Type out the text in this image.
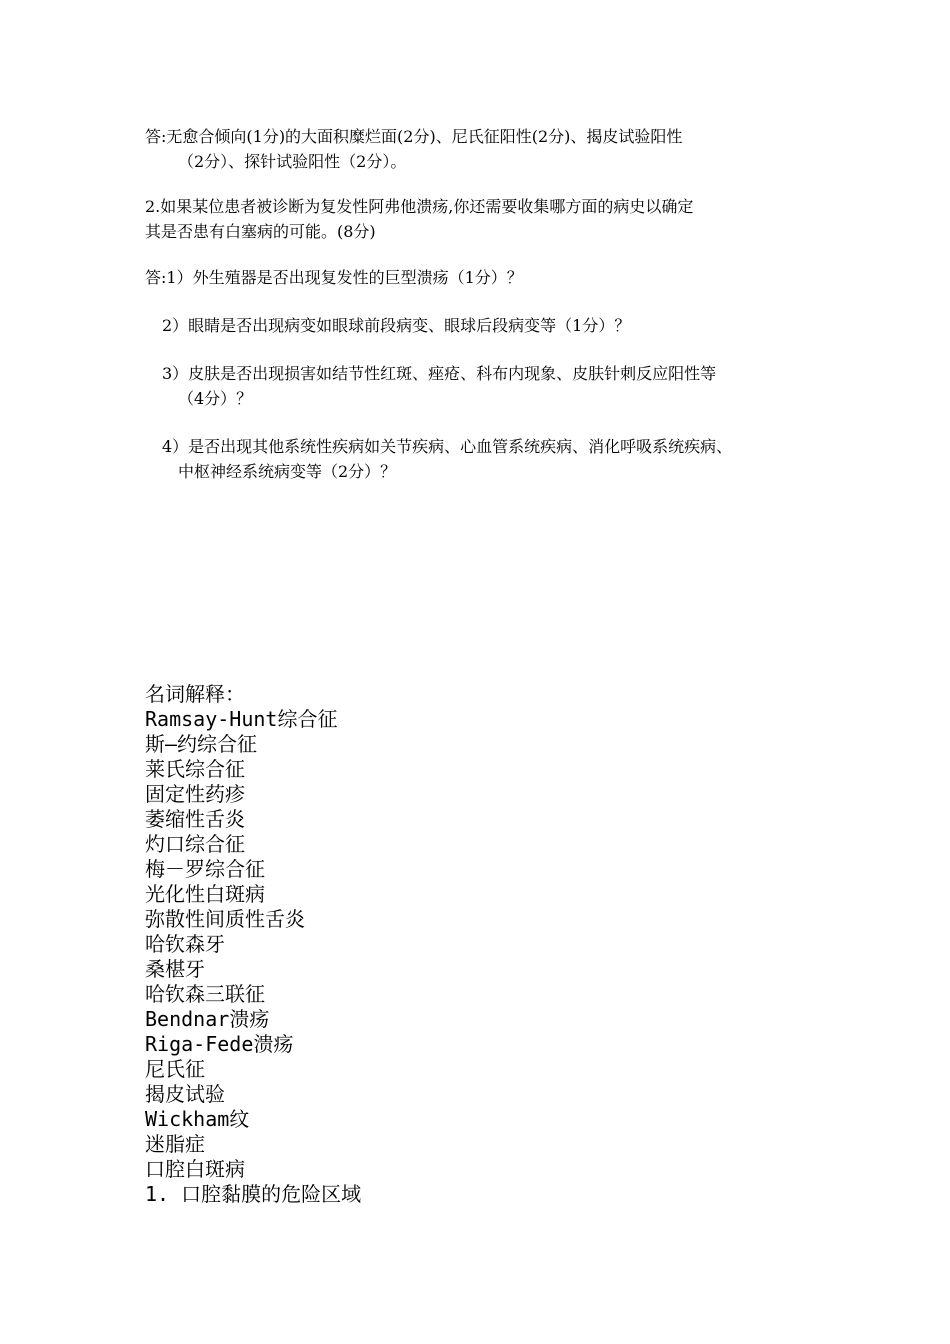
答:无愈合倾向(1分)的大面积糜烂面(2分)、尼氏征阳性(2分)、揭皮试验阳性
（2分）、探针试验阳性（2分）。

2.如果某位患者被诊断为复发性阿弗他溃疡,你还需要收集哪方面的病史以确定
其是否患有白塞病的可能。(8分)

答:1）外生殖器是否出现复发性的巨型溃疡（1分）？

2）眼睛是否出现病变如眼球前段病变、眼球后段病变等（1分）？

3）皮肤是否出现损害如结节性红斑、痤疮、科布内现象、皮肤针刺反应阳性等
（4分）？

4）是否出现其他系统性疾病如关节疾病、心血管系统疾病、消化呼吸系统疾病、
中枢神经系统病变等（2分）？

名词解释：

Ramsay-Hunt综合征
斯—约综合征
莱氏综合征
固定性药疹
萎缩性舌炎
灼口综合征
梅－罗综合征
光化性白斑病
弥散性间质性舌炎
哈钦森牙
桑椹牙
哈钦森三联征
Bendnar溃疡
Riga-Fede溃疡
尼氏征
揭皮试验
Wickham纹
迷脂症
口腔白斑病
1. 口腔黏膜的危险区域
